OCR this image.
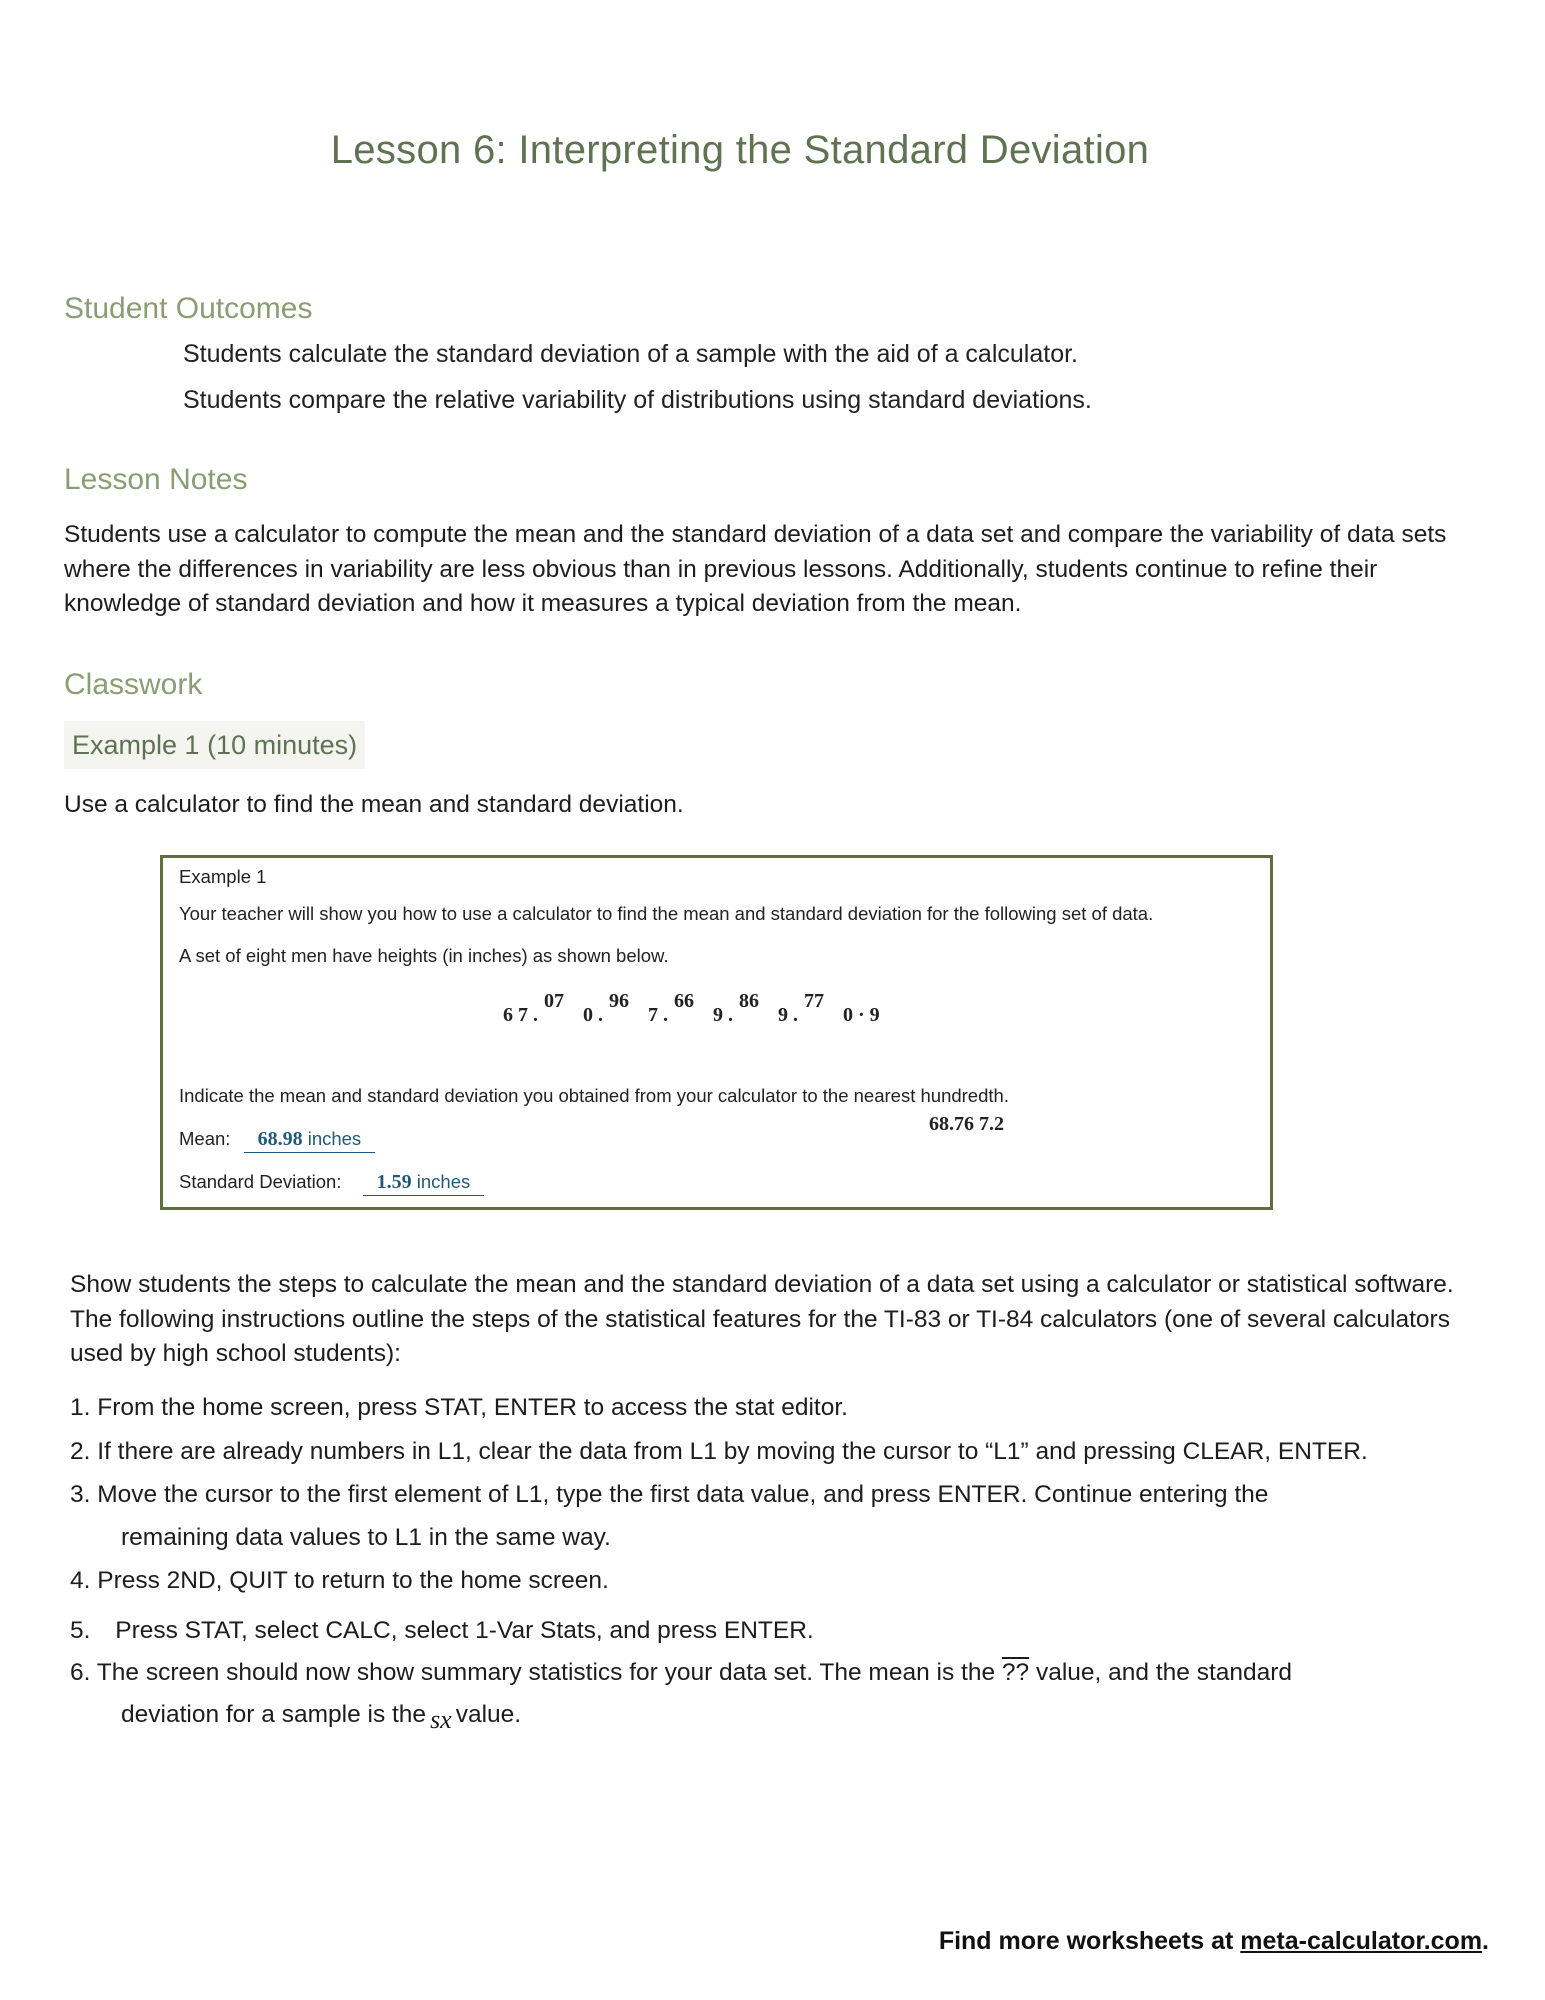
Lesson 6: Interpreting the Standard Deviation
Student Outcomes
Students calculate the standard deviation of a sample with the aid of a calculator.
Students compare the relative variability of distributions using standard deviations.
Lesson Notes
Students use a calculator to compute the mean and the standard deviation of a data set and compare the variability of data sets where the differences in variability are less obvious than in previous lessons. Additionally, students continue to refine their knowledge of standard deviation and how it measures a typical deviation from the mean.
Classwork
Example 1 (10 minutes)
Use a calculator to find the mean and standard deviation.
Example 1
Your teacher will show you how to use a calculator to find the mean and standard deviation for the following set of data.
A set of eight men have heights (in inches) as shown below.
6 7 .07 0 .96 7 .66 9 .86 9 .77 0 · 9
Indicate the mean and standard deviation you obtained from your calculator to the nearest hundredth.
Mean: 68.98 inches
68.76 7.2
Standard Deviation: 1.59 inches
Show students the steps to calculate the mean and the standard deviation of a data set using a calculator or statistical software. The following instructions outline the steps of the statistical features for the TI-83 or TI-84 calculators (one of several calculators used by high school students):
1. From the home screen, press STAT, ENTER to access the stat editor.
2. If there are already numbers in L1, clear the data from L1 by moving the cursor to “L1” and pressing CLEAR, ENTER.
3. Move the cursor to the first element of L1, type the first data value, and press ENTER. Continue entering the
remaining data values to L1 in the same way.
4. Press 2ND, QUIT to return to the home screen.
5. Press STAT, select CALC, select 1-Var Stats, and press ENTER.
6. The screen should now show summary statistics for your data set. The mean is the ?? value, and the standard
deviation for a sample is the sx value.
Find more worksheets at meta-calculator.com.
